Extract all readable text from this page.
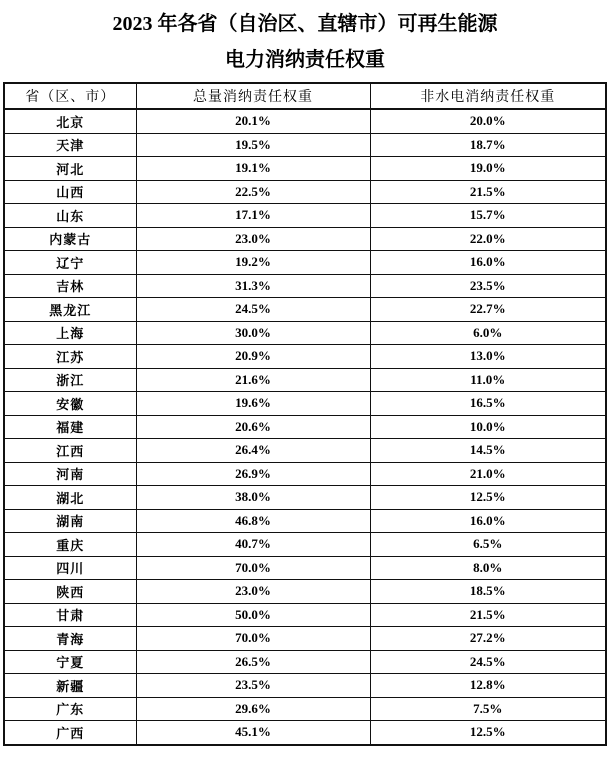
2023 年各省（自治区、直辖市）可再生能源
电力消纳责任权重
省（区、市）	总量消纳责任权重	非水电消纳责任权重
北京	20.1%	20.0%
天津	19.5%	18.7%
河北	19.1%	19.0%
山西	22.5%	21.5%
山东	17.1%	15.7%
内蒙古	23.0%	22.0%
辽宁	19.2%	16.0%
吉林	31.3%	23.5%
黑龙江	24.5%	22.7%
上海	30.0%	6.0%
江苏	20.9%	13.0%
浙江	21.6%	11.0%
安徽	19.6%	16.5%
福建	20.6%	10.0%
江西	26.4%	14.5%
河南	26.9%	21.0%
湖北	38.0%	12.5%
湖南	46.8%	16.0%
重庆	40.7%	6.5%
四川	70.0%	8.0%
陕西	23.0%	18.5%
甘肃	50.0%	21.5%
青海	70.0%	27.2%
宁夏	26.5%	24.5%
新疆	23.5%	12.8%
广东	29.6%	7.5%
广西	45.1%	12.5%
